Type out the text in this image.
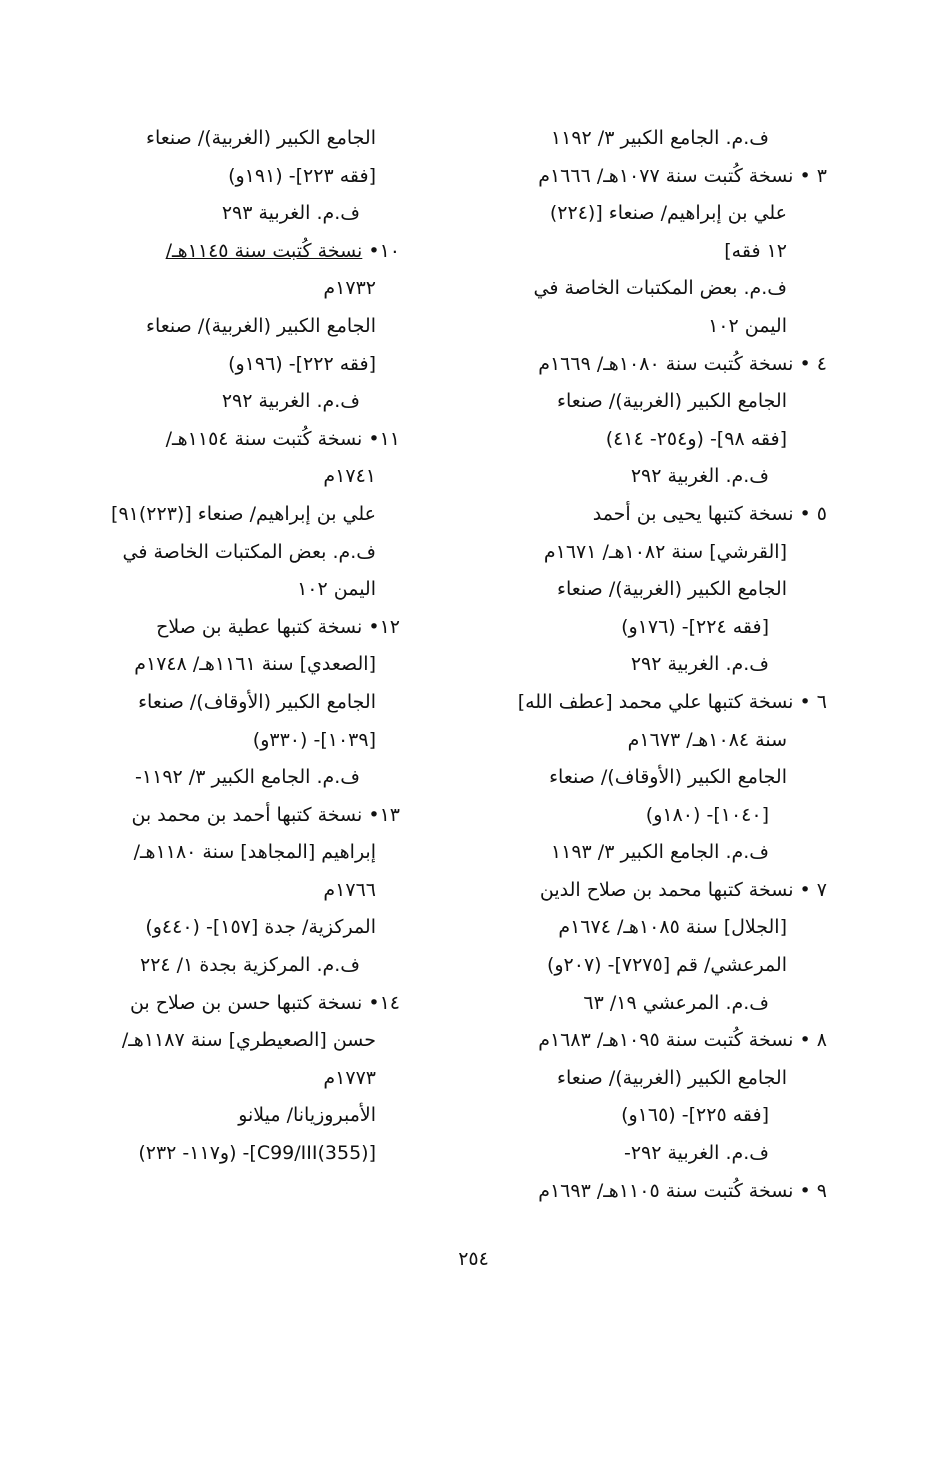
ف.م. الجامع الكبير ٣/ ١١٩٢
٣ • نسخة كُتبت سنة ١٠٧٧هـ/ ١٦٦٦م
علي بن إبراهيم/ صنعاء [(٢٢٤)
١٢ فقه]
ف.م. بعض المكتبات الخاصة في
اليمن ١٠٢
٤ • نسخة كُتبت سنة ١٠٨٠هـ/ ١٦٦٩م
الجامع الكبير (الغربية)/ صنعاء
[فقه ٩٨]- (و٢٥٤- ٤١٤)
ف.م. الغربية ٢٩٢
٥ • نسخة كتبها يحيى بن أحمد
[القرشي] سنة ١٠٨٢هـ/ ١٦٧١م
الجامع الكبير (الغربية)/ صنعاء
[فقه ٢٢٤]- (١٧٦و)
ف.م. الغربية ٢٩٢
٦ • نسخة كتبها علي محمد [عطف الله]
سنة ١٠٨٤هـ/ ١٦٧٣م
الجامع الكبير (الأوقاف)/ صنعاء
[١٠٤٠]- (١٨٠و)
ف.م. الجامع الكبير ٣/ ١١٩٣
٧ • نسخة كتبها محمد بن صلاح الدين
[الجلال] سنة ١٠٨٥هـ/ ١٦٧٤م
المرعشي/ قم [٧٢٧٥]- (٢٠٧و)
ف.م. المرعشي ١٩/ ٦٣
٨ • نسخة كُتبت سنة ١٠٩٥هـ/ ١٦٨٣م
الجامع الكبير (الغربية)/ صنعاء
[فقه ٢٢٥]- (١٦٥و)
ف.م. الغربية ٢٩٢-
٩ • نسخة كُتبت سنة ١١٠٥هـ/ ١٦٩٣م
الجامع الكبير (الغربية)/ صنعاء
[فقه ٢٢٣]- (١٩١و)
ف.م. الغربية ٢٩٣
١٠• نسخة كُتبت سنة ١١٤٥هـ/
١٧٣٢م
الجامع الكبير (الغربية)/ صنعاء
[فقه ٢٢٢]- (١٩٦و)
ف.م. الغربية ٢٩٢
١١• نسخة كُتبت سنة ١١٥٤هـ/
١٧٤١م
علي بن إبراهيم/ صنعاء [(٢٢٣)٩١]
ف.م. بعض المكتبات الخاصة في
اليمن ١٠٢
١٢• نسخة كتبها عطية بن صلاح
[الصعدي] سنة ١١٦١هـ/ ١٧٤٨م
الجامع الكبير (الأوقاف)/ صنعاء
[١٠٣٩]- (٣٣٠و)
ف.م. الجامع الكبير ٣/ ١١٩٢-
١٣• نسخة كتبها أحمد بن محمد بن
إبراهيم [المجاهد] سنة ١١٨٠هـ/
١٧٦٦م
المركزية/ جدة [١٥٧]- (٤٤٠و)
ف.م. المركزية بجدة ١/ ٢٢٤
١٤• نسخة كتبها حسن بن صلاح بن
حسن [الصعيطري] سنة ١١٨٧هـ/
١٧٧٣م
الأمبروزيانا/ ميلانو
[(355)C99/III]- (و١١٧- ٢٣٢)
٢٥٤
